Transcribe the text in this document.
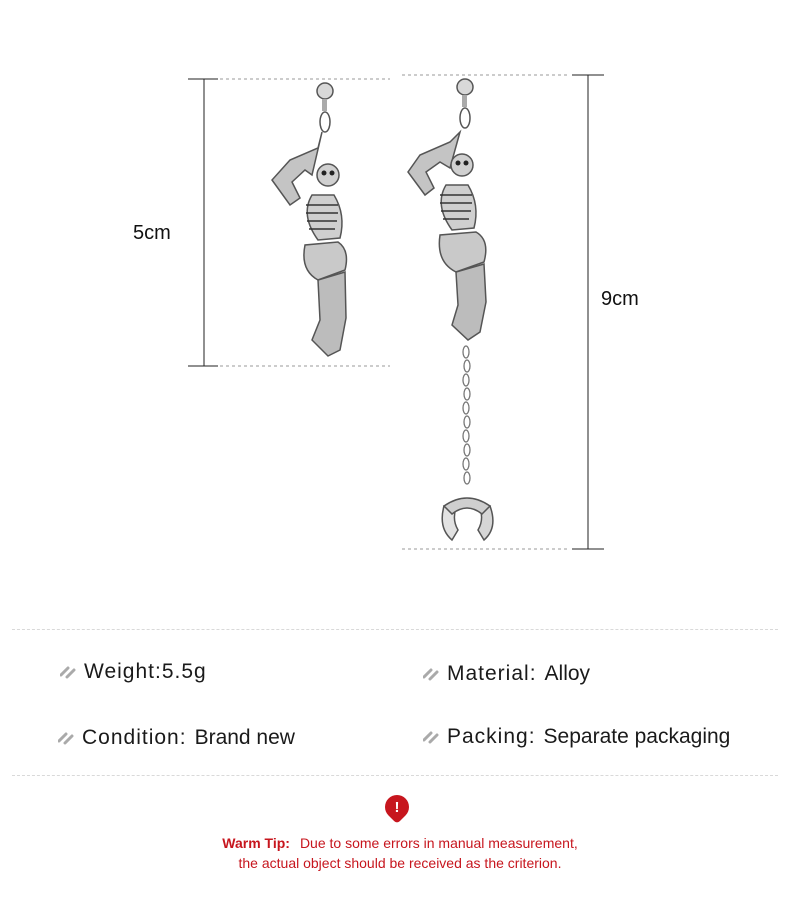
5cm
9cm
Weight: 5.5g	Material: Alloy
Condition: Brand new	Packing: Separate packaging
!
Warm Tip: Due to some errors in manual measurement,
the actual object should be received as the criterion.
